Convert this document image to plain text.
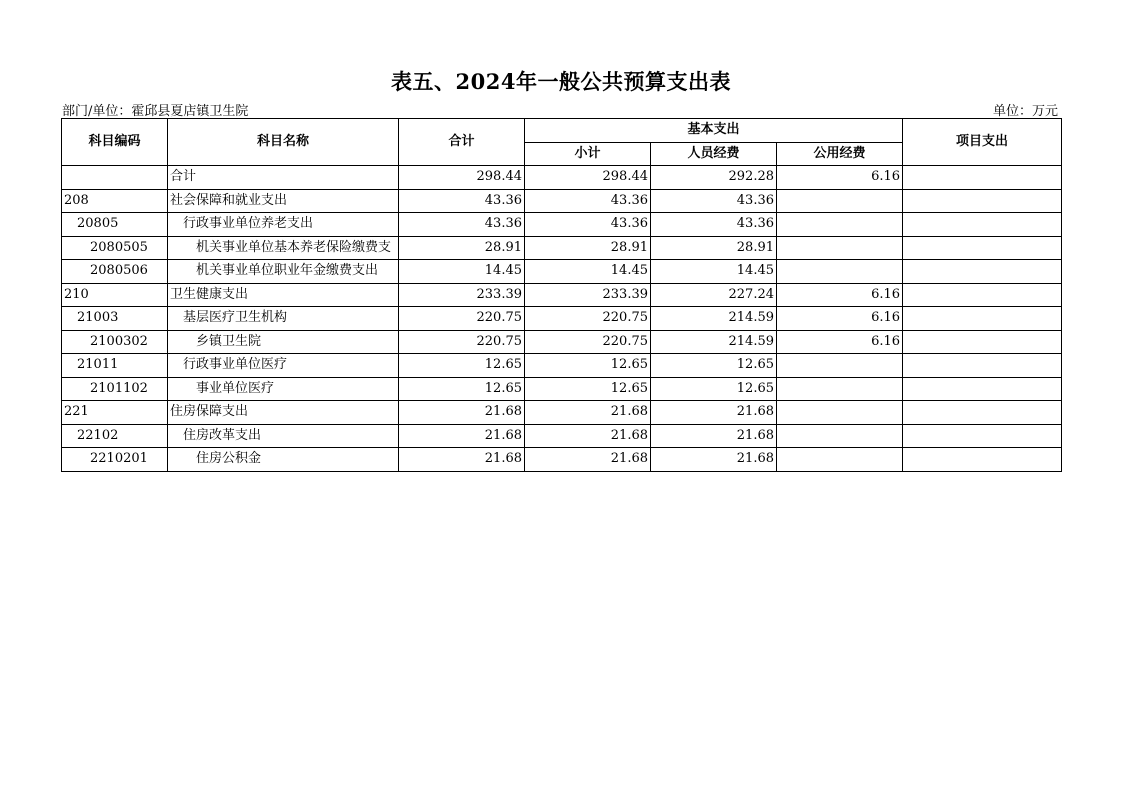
表五、2024年一般公共预算支出表
部门/单位：霍邱县夏店镇卫生院	单位：万元
科目编码	科目名称	合计	基本支出			项目支出
			小计	人员经费	公用经费	
	合计	298.44	298.44	292.28	6.16	
208	社会保障和就业支出	43.36	43.36	43.36		
20805	行政事业单位养老支出	43.36	43.36	43.36		
2080505	机关事业单位基本养老保险缴费支	28.91	28.91	28.91		
2080506	机关事业单位职业年金缴费支出	14.45	14.45	14.45		
210	卫生健康支出	233.39	233.39	227.24	6.16	
21003	基层医疗卫生机构	220.75	220.75	214.59	6.16	
2100302	乡镇卫生院	220.75	220.75	214.59	6.16	
21011	行政事业单位医疗	12.65	12.65	12.65		
2101102	事业单位医疗	12.65	12.65	12.65		
221	住房保障支出	21.68	21.68	21.68		
22102	住房改革支出	21.68	21.68	21.68		
2210201	住房公积金	21.68	21.68	21.68		
